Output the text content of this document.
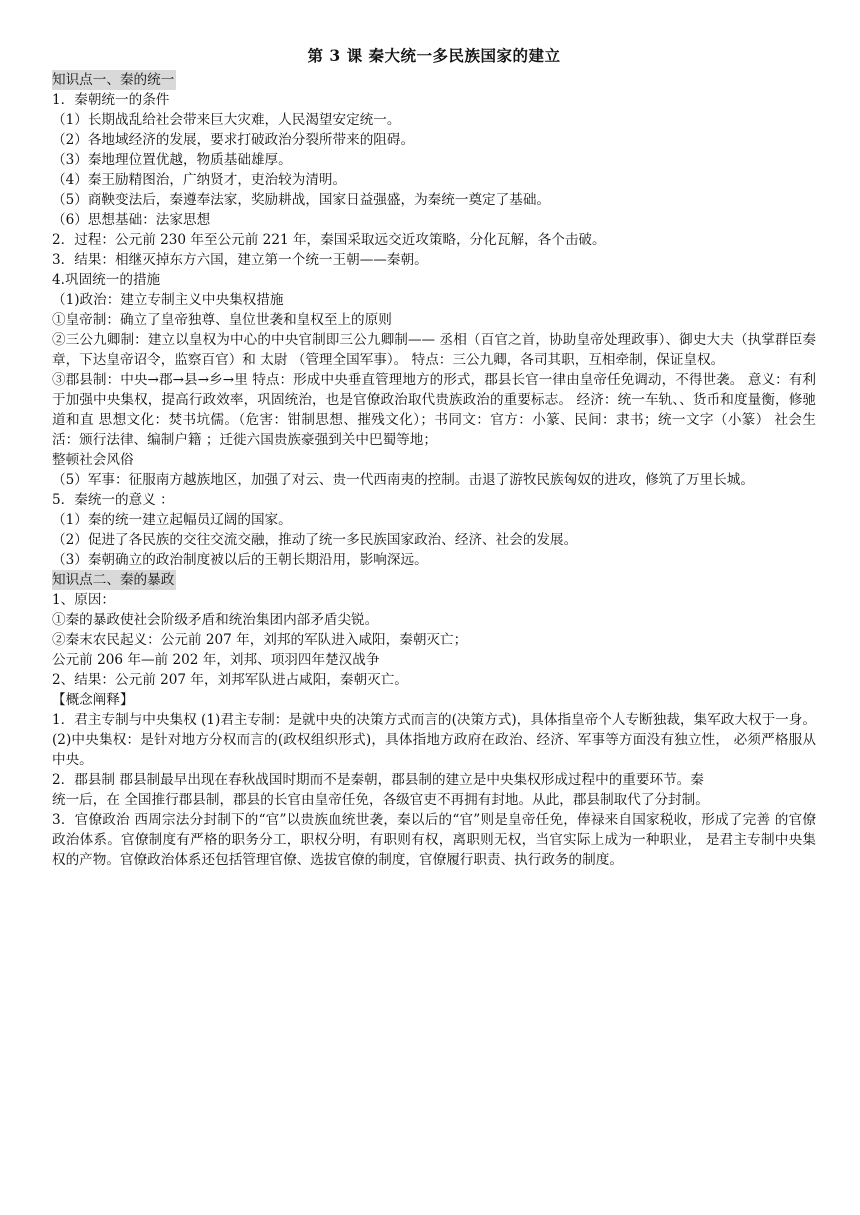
第 3 课 秦大统一多民族国家的建立

知识点一、秦的统一

1．秦朝统一的条件

（1）长期战乱给社会带来巨大灾难，人民渴望安定统一。

（2）各地域经济的发展，要求打破政治分裂所带来的阻碍。

（3）秦地理位置优越，物质基础雄厚。

（4）秦王励精图治，广纳贤才，吏治较为清明。

（5）商鞅变法后，秦遵奉法家，奖励耕战，国家日益强盛，为秦统一奠定了基础。

（6）思想基础：法家思想

2．过程：公元前 230 年至公元前 221 年，秦国采取远交近攻策略，分化瓦解，各个击破。

3．结果：相继灭掉东方六国，建立第一个统一王朝——秦朝。

4.巩固统一的措施

（1)政治：建立专制主义中央集权措施

①皇帝制：确立了皇帝独尊、皇位世袭和皇权至上的原则

②三公九卿制：建立以皇权为中心的中央官制即三公九卿制—— 丞相（百官之首，协助皇帝处理政事）、御史大夫（执掌群臣奏章，下达皇帝诏令，监察百官）和 太尉 （管理全国军事）。 特点：三公九卿，各司其职，互相牵制，保证皇权。

③郡县制：中央→郡→县→乡→里 特点：形成中央垂直管理地方的形式，郡县长官一律由皇帝任免调动，不得世袭。 意义：有利于加强中央集权，提高行政效率，巩固统治，也是官僚政治取代贵族政治的重要标志。 经济：统一车轨、、货币和度量衡，修驰道和直 思想文化：焚书坑儒。（危害：钳制思想、摧残文化）；书同文：官方：小篆、民间：隶书；统一文字（小篆） 社会生活：颁行法律、编制户籍 ；迁徙六国贵族豪强到关中巴蜀等地；

整顿社会风俗

（5）军事：征服南方越族地区，加强了对云、贵一代西南夷的控制。击退了游牧民族匈奴的进攻，修筑了万里长城。

5．秦统一的意义 ：

（1）秦的统一建立起幅员辽阔的国家。

（2）促进了各民族的交往交流交融，推动了统一多民族国家政治、经济、社会的发展。

（3）秦朝确立的政治制度被以后的王朝长期沿用，影响深远。

知识点二、秦的暴政

1、原因：

①秦的暴政使社会阶级矛盾和统治集团内部矛盾尖锐。

②秦末农民起义：公元前 207 年，刘邦的军队进入咸阳，秦朝灭亡；

公元前 206 年—前 202 年，刘邦、项羽四年楚汉战争

2、结果：公元前 207 年，刘邦军队进占咸阳，秦朝灭亡。

【概念阐释】

1．君主专制与中央集权 (1)君主专制：是就中央的决策方式而言的(决策方式)，具体指皇帝个人专断独裁，集军政大权于一身。 (2)中央集权：是针对地方分权而言的(政权组织形式)，具体指地方政府在政治、经济、军事等方面没有独立性， 必须严格服从中央。

2．郡县制 郡县制最早出现在春秋战国时期而不是秦朝，郡县制的建立是中央集权形成过程中的重要环节。秦

统一后，在 全国推行郡县制，郡县的长官由皇帝任免，各级官吏不再拥有封地。从此，郡县制取代了分封制。

3．官僚政治 西周宗法分封制下的“官”以贵族血统世袭，秦以后的“官”则是皇帝任免，俸禄来自国家税收，形成了完善 的官僚政治体系。官僚制度有严格的职务分工，职权分明，有职则有权，离职则无权，当官实际上成为一种职业， 是君主专制中央集权的产物。官僚政治体系还包括管理官僚、选拔官僚的制度，官僚履行职责、执行政务的制度。
